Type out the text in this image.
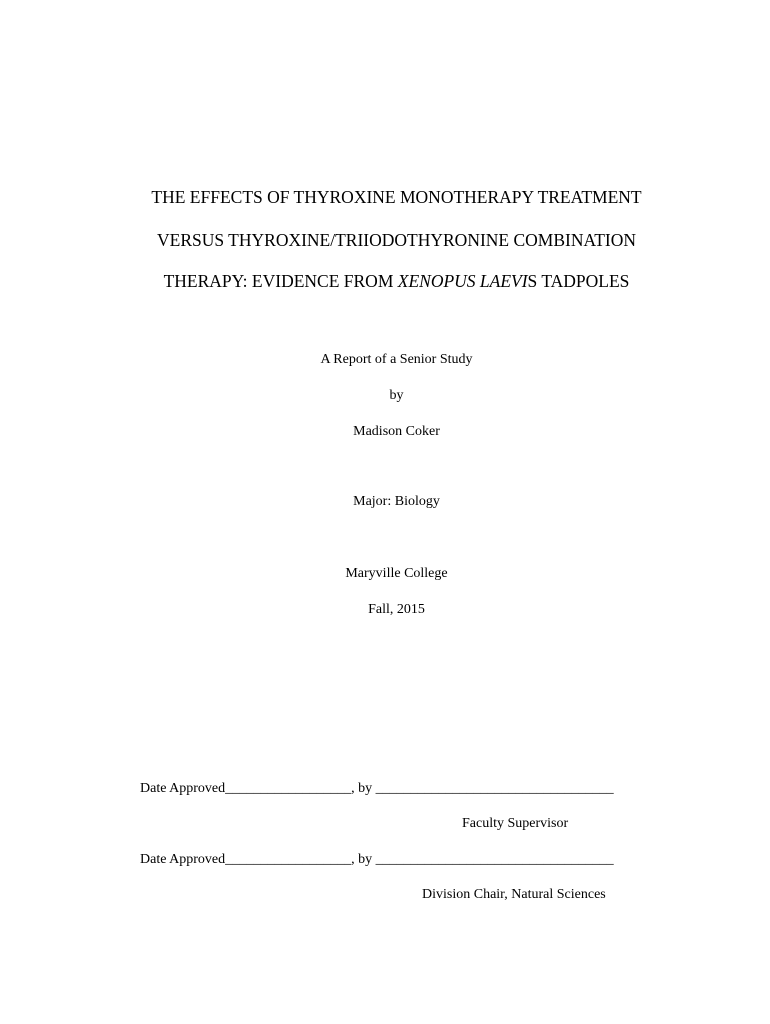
THE EFFECTS OF THYROXINE MONOTHERAPY TREATMENT
VERSUS THYROXINE/TRIIODOTHYRONINE COMBINATION
THERAPY: EVIDENCE FROM XENOPUS LAEVIS TADPOLES
A Report of a Senior Study
by
Madison Coker
Major: Biology
Maryville College
Fall, 2015
Date Approved__________________, by __________________________________
Faculty Supervisor
Date Approved__________________, by __________________________________
Division Chair, Natural Sciences
